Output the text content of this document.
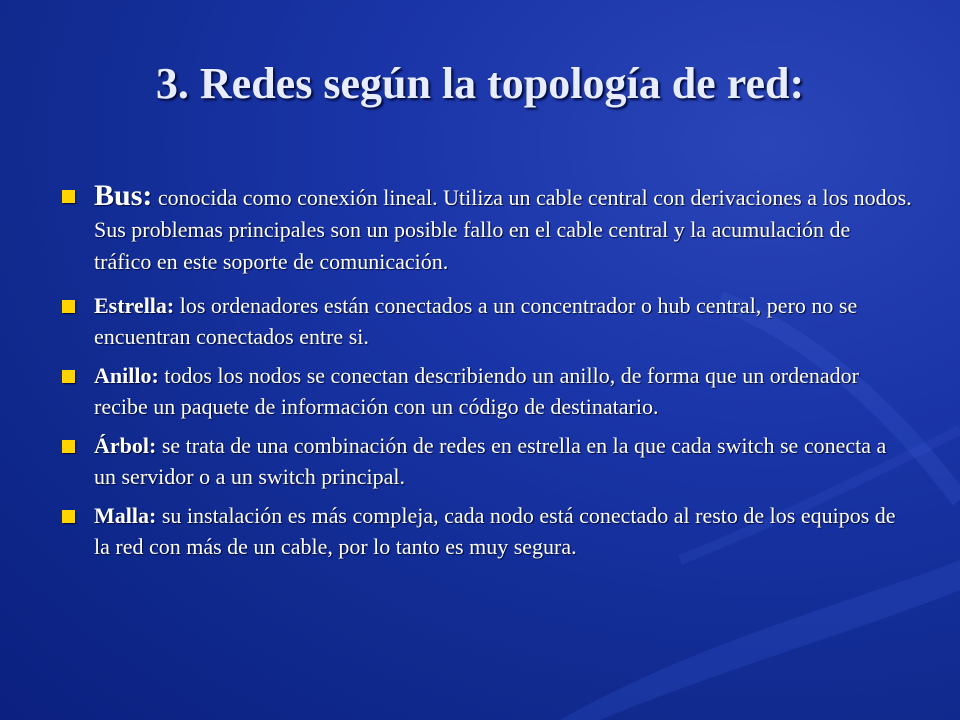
3. Redes según la topología de red:
Bus: conocida como conexión lineal. Utiliza un cable central con derivaciones a los nodos. Sus problemas principales son un posible fallo en el cable central y la acumulación de tráfico en este soporte de comunicación.
Estrella: los ordenadores están conectados a un concentrador o hub central, pero no se encuentran conectados entre si.
Anillo: todos los nodos se conectan describiendo un anillo, de forma que un ordenador recibe un paquete de información con un código de destinatario.
Árbol: se trata de una combinación de redes en estrella en la que cada switch se conecta a un servidor o a un switch principal.
Malla: su instalación es más compleja, cada nodo está conectado al resto de los equipos de la red con más de un cable, por lo tanto es muy segura.
